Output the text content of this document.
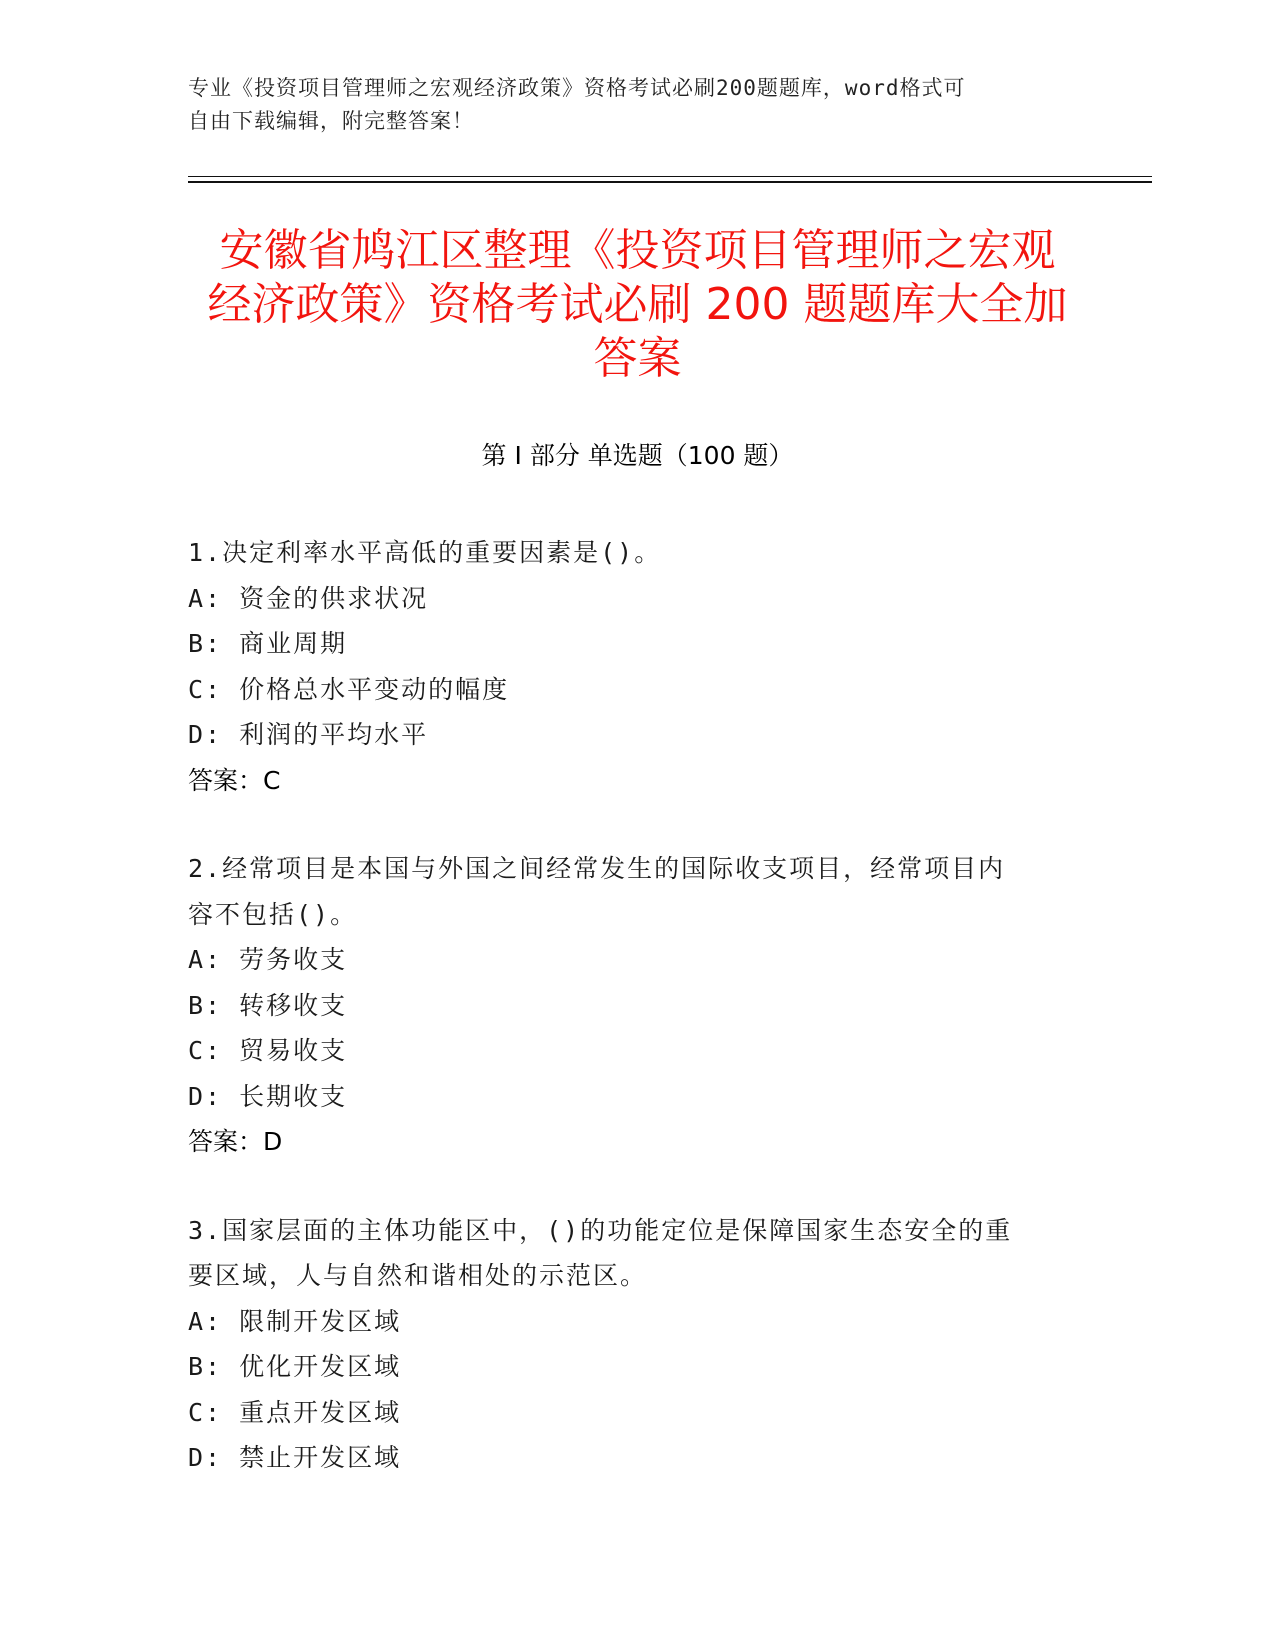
专业《投资项目管理师之宏观经济政策》资格考试必刷200题题库，word格式可
自由下载编辑，附完整答案！
安徽省鸠江区整理《投资项目管理师之宏观
经济政策》资格考试必刷 200 题题库大全加
答案
第 I 部分 单选题（100 题）

1.决定利率水平高低的重要因素是()。

A: 资金的供求状况

B: 商业周期

C: 价格总水平变动的幅度

D: 利润的平均水平

答案：C

2.经常项目是本国与外国之间经常发生的国际收支项目，经常项目内

容不包括()。

A: 劳务收支

B: 转移收支

C: 贸易收支

D: 长期收支

答案：D

3.国家层面的主体功能区中，()的功能定位是保障国家生态安全的重

要区域，人与自然和谐相处的示范区。

A: 限制开发区域

B: 优化开发区域

C: 重点开发区域

D: 禁止开发区域
